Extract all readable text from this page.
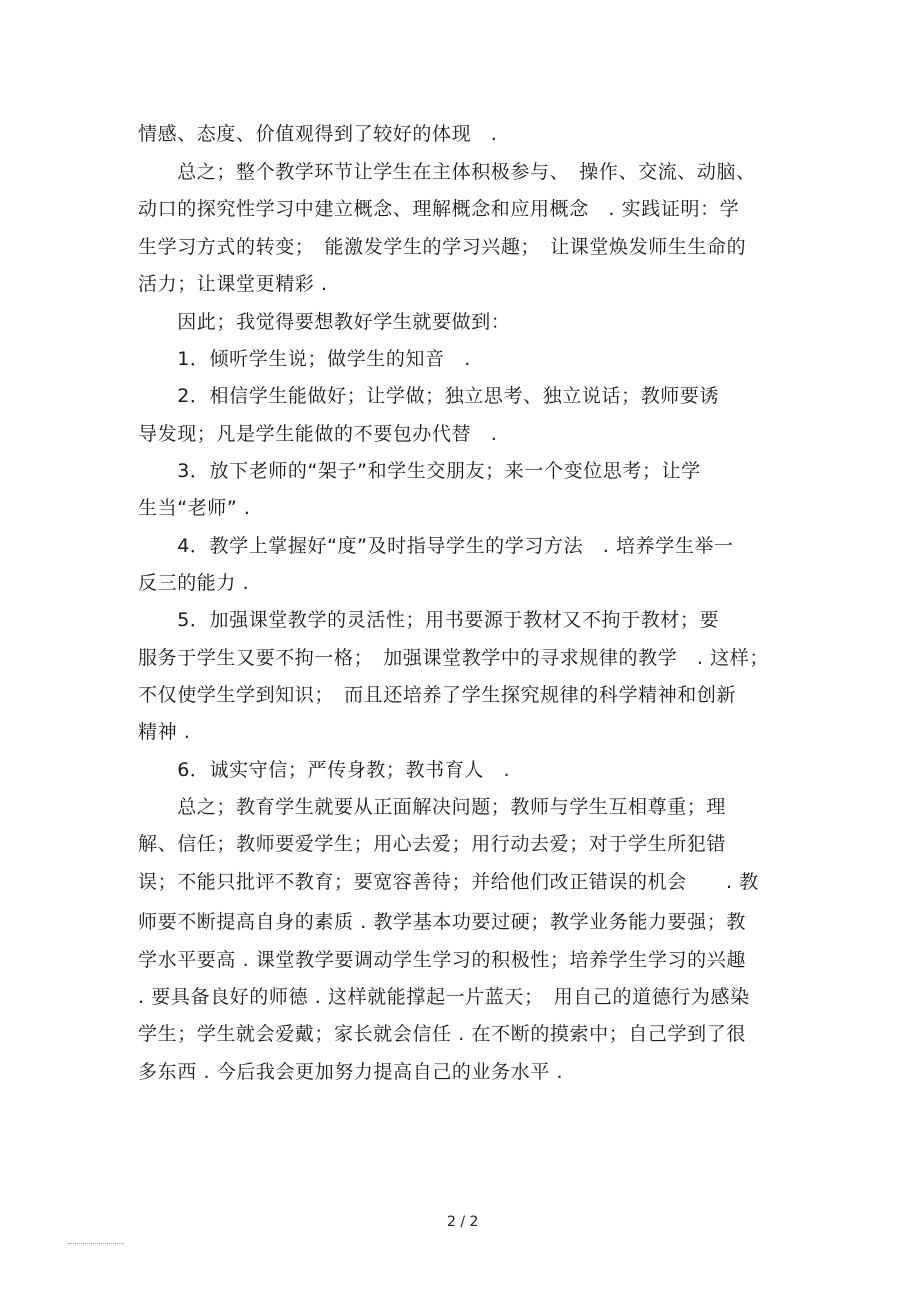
情感、态度、价值观得到了较好的体现　.
　　总之；整个教学环节让学生在主体积极参与、　操作、交流、动脑、
动口的探究性学习中建立概念、理解概念和应用概念　. 实践证明：学
生学习方式的转变；　能激发学生的学习兴趣；　让课堂焕发师生生命的
活力；让课堂更精彩 .
　　因此；我觉得要想教好学生就要做到：
　　1．倾听学生说；做学生的知音　.
　　2．相信学生能做好；让学做；独立思考、独立说话；教师要诱
导发现；凡是学生能做的不要包办代替　.
　　3．放下老师的“架子”和学生交朋友；来一个变位思考；让学
生当“老师” .
　　4．教学上掌握好“度”及时指导学生的学习方法　. 培养学生举一
反三的能力 .
　　5．加强课堂教学的灵活性；用书要源于教材又不拘于教材；要
服务于学生又要不拘一格；　加强课堂教学中的寻求规律的教学　. 这样；
不仅使学生学到知识；　而且还培养了学生探究规律的科学精神和创新
精神 .
　　6．诚实守信；严传身教；教书育人　.
　　总之；教育学生就要从正面解决问题；教师与学生互相尊重；理
解、信任；教师要爱学生；用心去爱；用行动去爱；对于学生所犯错
误；不能只批评不教育；要宽容善待；并给他们改正错误的机会　　. 教
师要不断提高自身的素质 . 教学基本功要过硬；教学业务能力要强；教
学水平要高 . 课堂教学要调动学生学习的积极性；培养学生学习的兴趣
. 要具备良好的师德 . 这样就能撑起一片蓝天；　用自己的道德行为感染
学生；学生就会爱戴；家长就会信任 . 在不断的摸索中；自己学到了很
多东西 . 今后我会更加努力提高自己的业务水平 .
2 / 2
